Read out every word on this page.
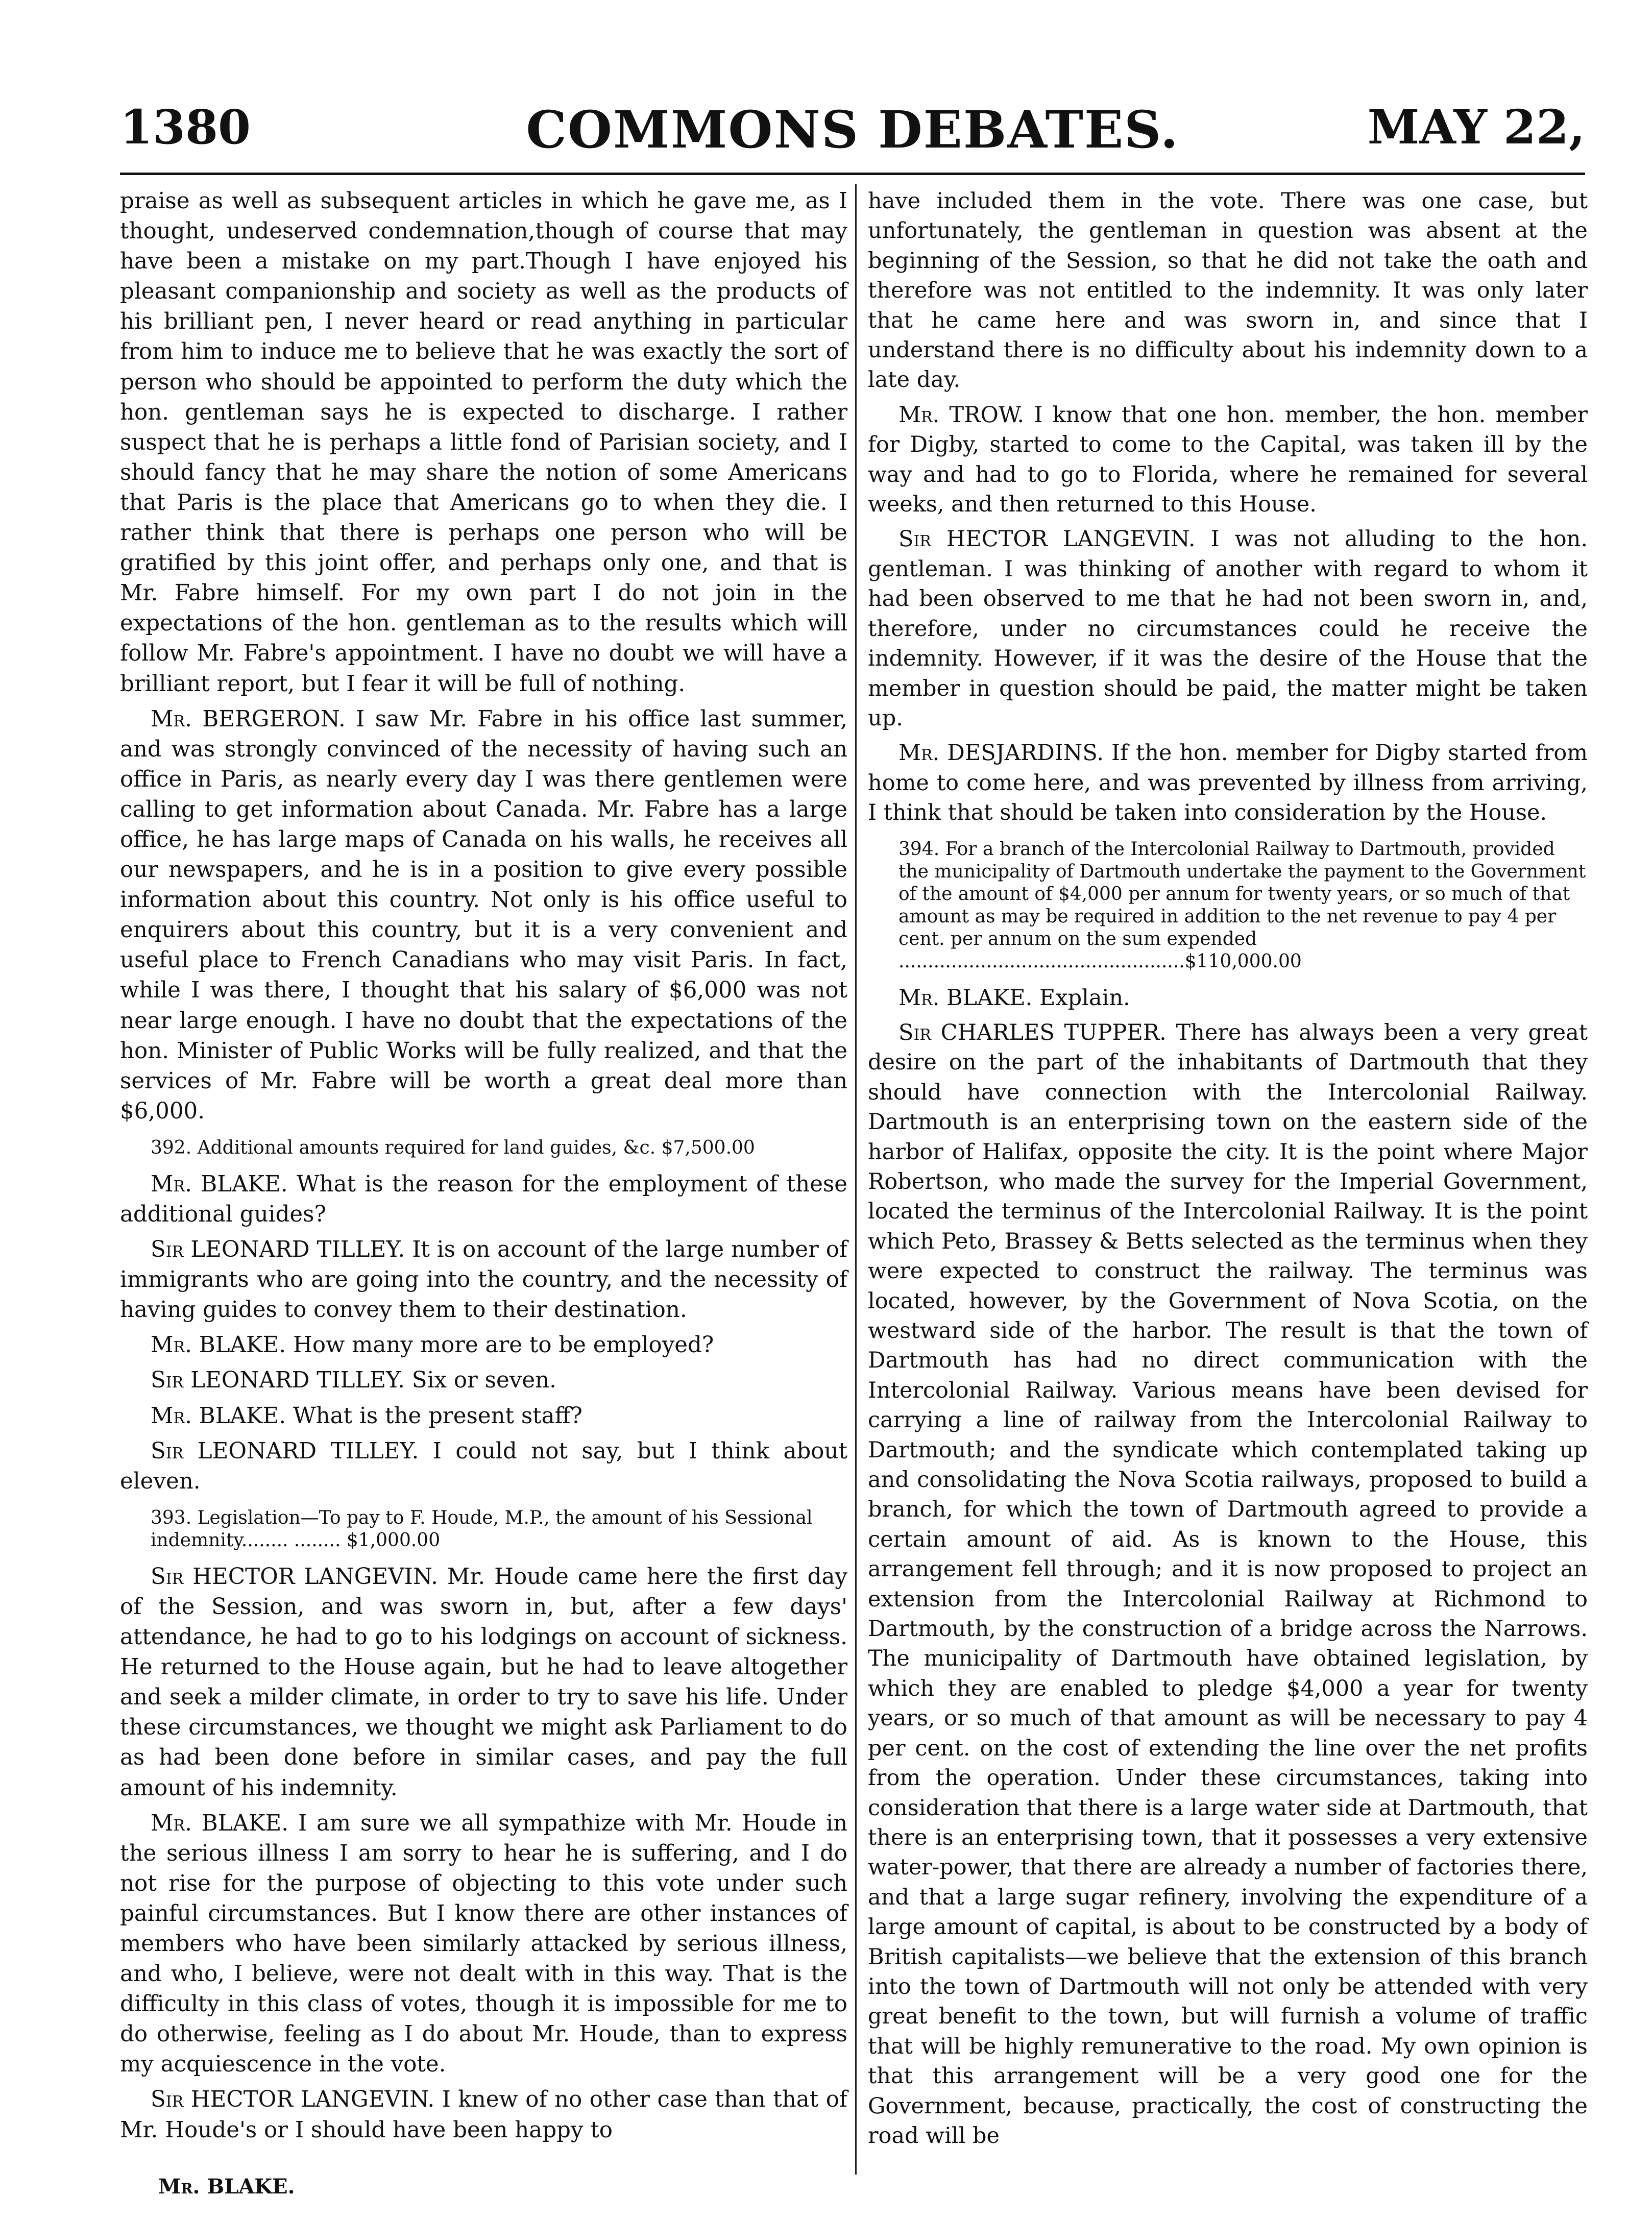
1380	COMMONS DEBATES.	MAY 22,

praise as well as subsequent articles in which he gave me, as I thought, undeserved condemnation,though of course that may have been a mistake on my part.Though I have enjoyed his pleasant companionship and society as well as the products of his brilliant pen, I never heard or read anything in particular from him to induce me to believe that he was exactly the sort of person who should be appointed to perform the duty which the hon. gentleman says he is expected to discharge. I rather suspect that he is perhaps a little fond of Parisian society, and I should fancy that he may share the notion of some Americans that Paris is the place that Americans go to when they die. I rather think that there is perhaps one person who will be gratified by this joint offer, and perhaps only one, and that is Mr. Fabre himself. For my own part I do not join in the expectations of the hon. gentleman as to the results which will follow Mr. Fabre's appointment. I have no doubt we will have a brilliant report, but I fear it will be full of nothing.

Mr. BERGERON. I saw Mr. Fabre in his office last summer, and was strongly convinced of the necessity of having such an office in Paris, as nearly every day I was there gentlemen were calling to get information about Canada. Mr. Fabre has a large office, he has large maps of Canada on his walls, he receives all our newspapers, and he is in a position to give every possible information about this country. Not only is his office useful to enquirers about this country, but it is a very convenient and useful place to French Canadians who may visit Paris. In fact, while I was there, I thought that his salary of $6,000 was not near large enough. I have no doubt that the expectations of the hon. Minister of Public Works will be fully realized, and that the services of Mr. Fabre will be worth a great deal more than $6,000.

392. Additional amounts required for land guides, &c. $7,500.00

Mr. BLAKE. What is the reason for the employment of these additional guides?

Sir LEONARD TILLEY. It is on account of the large number of immigrants who are going into the country, and the necessity of having guides to convey them to their destination.

Mr. BLAKE. How many more are to be employed?

Sir LEONARD TILLEY. Six or seven.

Mr. BLAKE. What is the present staff?

Sir LEONARD TILLEY. I could not say, but I think about eleven.

393. Legislation—To pay to F. Houde, M.P., the amount of his Sessional indemnity........ ........ $1,000.00

Sir HECTOR LANGEVIN. Mr. Houde came here the first day of the Session, and was sworn in, but, after a few days' attendance, he had to go to his lodgings on account of sickness. He returned to the House again, but he had to leave altogether and seek a milder climate, in order to try to save his life. Under these circumstances, we thought we might ask Parliament to do as had been done before in similar cases, and pay the full amount of his indemnity.

Mr. BLAKE. I am sure we all sympathize with Mr. Houde in the serious illness I am sorry to hear he is suffering, and I do not rise for the purpose of objecting to this vote under such painful circumstances. But I know there are other instances of members who have been similarly attacked by serious illness, and who, I believe, were not dealt with in this way. That is the difficulty in this class of votes, though it is impossible for me to do otherwise, feeling as I do about Mr. Houde, than to express my acquiescence in the vote.

Sir HECTOR LANGEVIN. I knew of no other case than that of Mr. Houde's or I should have been happy to

have included them in the vote. There was one case, but unfortunately, the gentleman in question was absent at the beginning of the Session, so that he did not take the oath and therefore was not entitled to the indemnity. It was only later that he came here and was sworn in, and since that I understand there is no difficulty about his indemnity down to a late day.

Mr. TROW. I know that one hon. member, the hon. member for Digby, started to come to the Capital, was taken ill by the way and had to go to Florida, where he remained for several weeks, and then returned to this House.

Sir HECTOR LANGEVIN. I was not alluding to the hon. gentleman. I was thinking of another with regard to whom it had been observed to me that he had not been sworn in, and, therefore, under no circumstances could he receive the indemnity. However, if it was the desire of the House that the member in question should be paid, the matter might be taken up.

Mr. DESJARDINS. If the hon. member for Digby started from home to come here, and was prevented by illness from arriving, I think that should be taken into consideration by the House.

394. For a branch of the Intercolonial Railway to Dartmouth, provided the municipality of Dartmouth undertake the payment to the Government of the amount of $4,000 per annum for twenty years, or so much of that amount as may be required in addition to the net revenue to pay 4 per cent. per annum on the sum expended .................................................$110,000.00

Mr. BLAKE. Explain.

Sir CHARLES TUPPER. There has always been a very great desire on the part of the inhabitants of Dartmouth that they should have connection with the Intercolonial Railway. Dartmouth is an enterprising town on the eastern side of the harbor of Halifax, opposite the city. It is the point where Major Robertson, who made the survey for the Imperial Government, located the terminus of the Intercolonial Railway. It is the point which Peto, Brassey & Betts selected as the terminus when they were expected to construct the railway. The terminus was located, however, by the Government of Nova Scotia, on the westward side of the harbor. The result is that the town of Dartmouth has had no direct communication with the Intercolonial Railway. Various means have been devised for carrying a line of railway from the Intercolonial Railway to Dartmouth; and the syndicate which contemplated taking up and consolidating the Nova Scotia railways, proposed to build a branch, for which the town of Dartmouth agreed to provide a certain amount of aid. As is known to the House, this arrangement fell through; and it is now proposed to project an extension from the Intercolonial Railway at Richmond to Dartmouth, by the construction of a bridge across the Narrows. The municipality of Dartmouth have obtained legislation, by which they are enabled to pledge $4,000 a year for twenty years, or so much of that amount as will be necessary to pay 4 per cent. on the cost of extending the line over the net profits from the operation. Under these circumstances, taking into consideration that there is a large water side at Dartmouth, that there is an enterprising town, that it possesses a very extensive water-power, that there are already a number of factories there, and that a large sugar refinery, involving the expenditure of a large amount of capital, is about to be constructed by a body of British capitalists—we believe that the extension of this branch into the town of Dartmouth will not only be attended with very great benefit to the town, but will furnish a volume of traffic that will be highly remunerative to the road. My own opinion is that this arrangement will be a very good one for the Government, because, practically, the cost of constructing the road will be

Mr. BLAKE.
